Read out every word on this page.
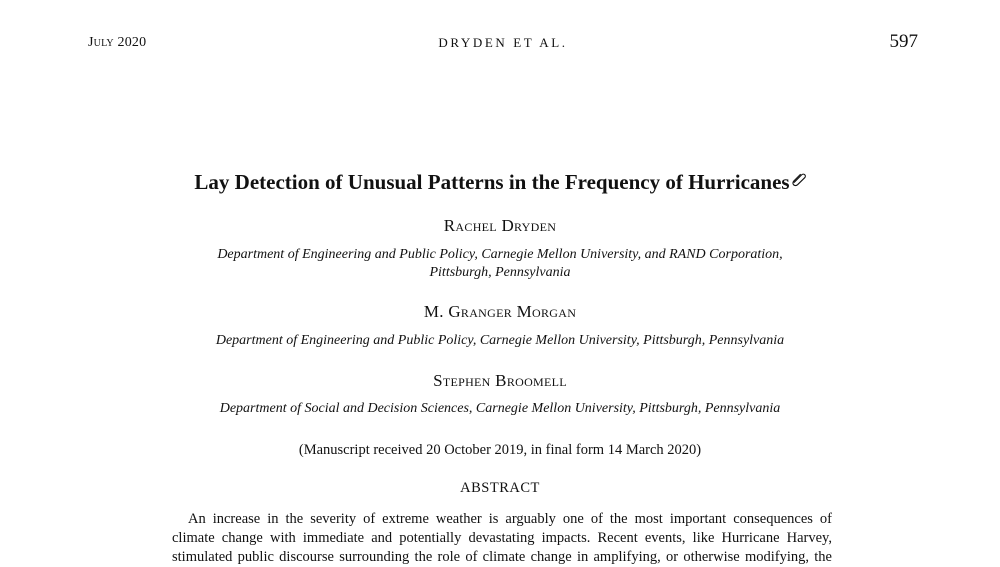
July 2020	DRYDEN ET AL.	597
Lay Detection of Unusual Patterns in the Frequency of Hurricanes
Rachel Dryden
Department of Engineering and Public Policy, Carnegie Mellon University, and RAND Corporation,
Pittsburgh, Pennsylvania
M. Granger Morgan
Department of Engineering and Public Policy, Carnegie Mellon University, Pittsburgh, Pennsylvania
Stephen Broomell
Department of Social and Decision Sciences, Carnegie Mellon University, Pittsburgh, Pennsylvania
(Manuscript received 20 October 2019, in final form 14 March 2020)
ABSTRACT
An increase in the severity of extreme weather is arguably one of the most important consequences of
climate change with immediate and potentially devastating impacts. Recent events, like Hurricane Harvey,
stimulated public discourse surrounding the role of climate change in amplifying, or otherwise modifying, the
